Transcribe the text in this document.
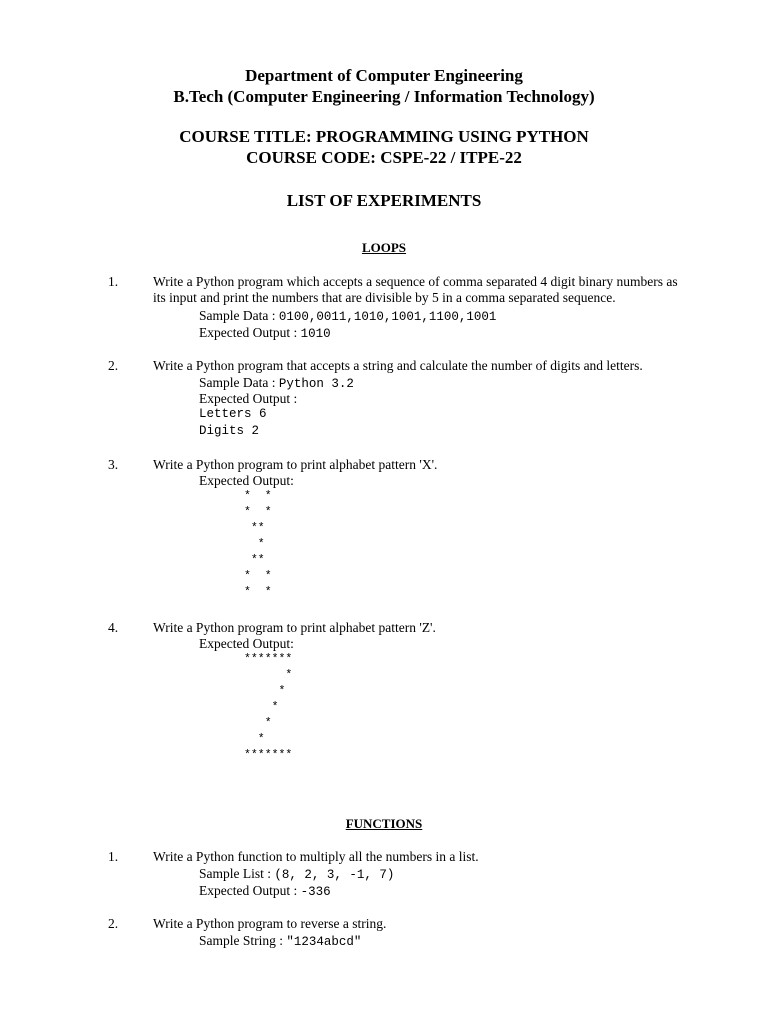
Department of Computer Engineering
B.Tech (Computer Engineering / Information Technology)
COURSE TITLE: PROGRAMMING USING PYTHON
COURSE CODE: CSPE-22 / ITPE-22
LIST OF EXPERIMENTS
LOOPS
1.	Write a Python program which accepts a sequence of comma separated 4 digit binary numbers as
its input and print the numbers that are divisible by 5 in a comma separated sequence.
Sample Data : 0100,0011,1010,1001,1100,1001
Expected Output : 1010
2.	Write a Python program that accepts a string and calculate the number of digits and letters.
Sample Data : Python 3.2
Expected Output :
Letters 6
Digits 2
3.	Write a Python program to print alphabet pattern 'X'.
Expected Output:
*  *
*  *
**
*
**
*  *
*  *
4.	Write a Python program to print alphabet pattern 'Z'.
Expected Output:
*******
*
*
*
*
*
*******
FUNCTIONS
1.	Write a Python function to multiply all the numbers in a list.
Sample List : (8, 2, 3, -1, 7)
Expected Output : -336
2.	Write a Python program to reverse a string.
Sample String : "1234abcd"
